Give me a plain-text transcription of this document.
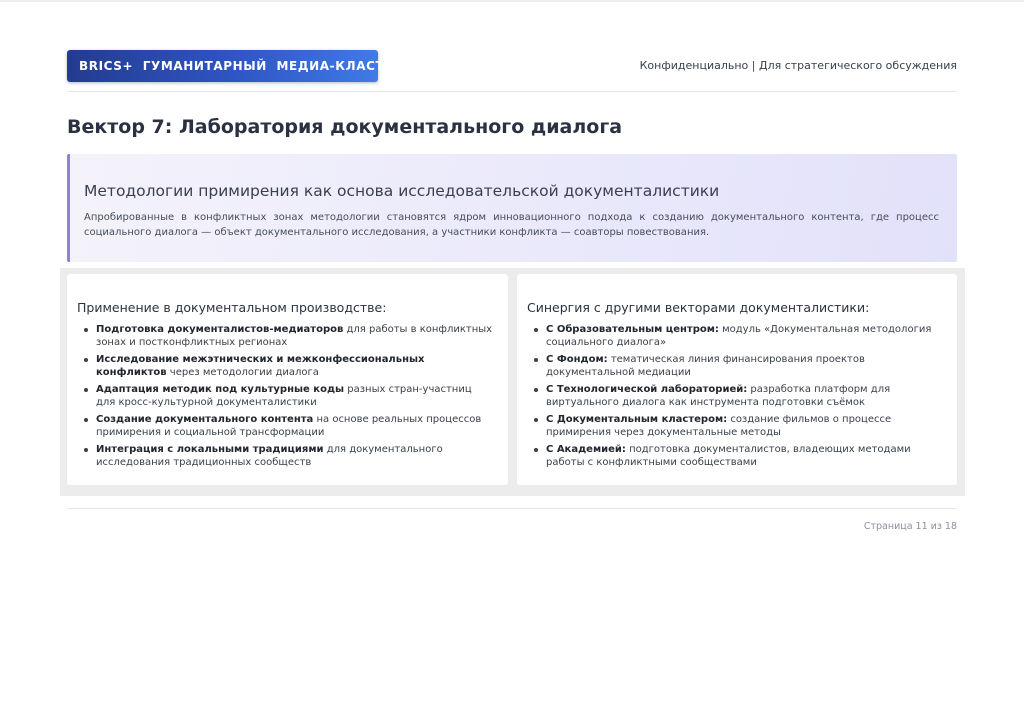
BRICS+  ГУМАНИТАРНЫЙ  МЕДИА-КЛАСТЕР	Конфиденциально | Для стратегического обсуждения
Вектор 7: Лаборатория документального диалога
Методологии примирения как основа исследовательской документалистики

Апробированные в конфликтных зонах методологии становятся ядром инновационного подхода к созданию документального контента, где процесс социального диалога — объект документального исследования, а участники конфликта — соавторы повествования.

Применение в документальном производстве:
Подготовка документалистов-медиаторов для работы в конфликтных зонах и постконфликтных регионах
Исследование межэтнических и межконфессиональных конфликтов через методологии диалога
Адаптация методик под культурные коды разных стран-участниц для кросс-культурной документалистики
Создание документального контента на основе реальных процессов примирения и социальной трансформации
Интеграция с локальными традициями для документального исследования традиционных сообществ
Синергия с другими векторами документалистики:
С Образовательным центром: модуль «Документальная методология социального диалога»
С Фондом: тематическая линия финансирования проектов документальной медиации
С Технологической лабораторией: разработка платформ для виртуального диалога как инструмента подготовки съёмок
С Документальным кластером: создание фильмов о процессе примирения через документальные методы
С Академией: подготовка документалистов, владеющих методами работы с конфликтными сообществами
Страница 11 из 18
